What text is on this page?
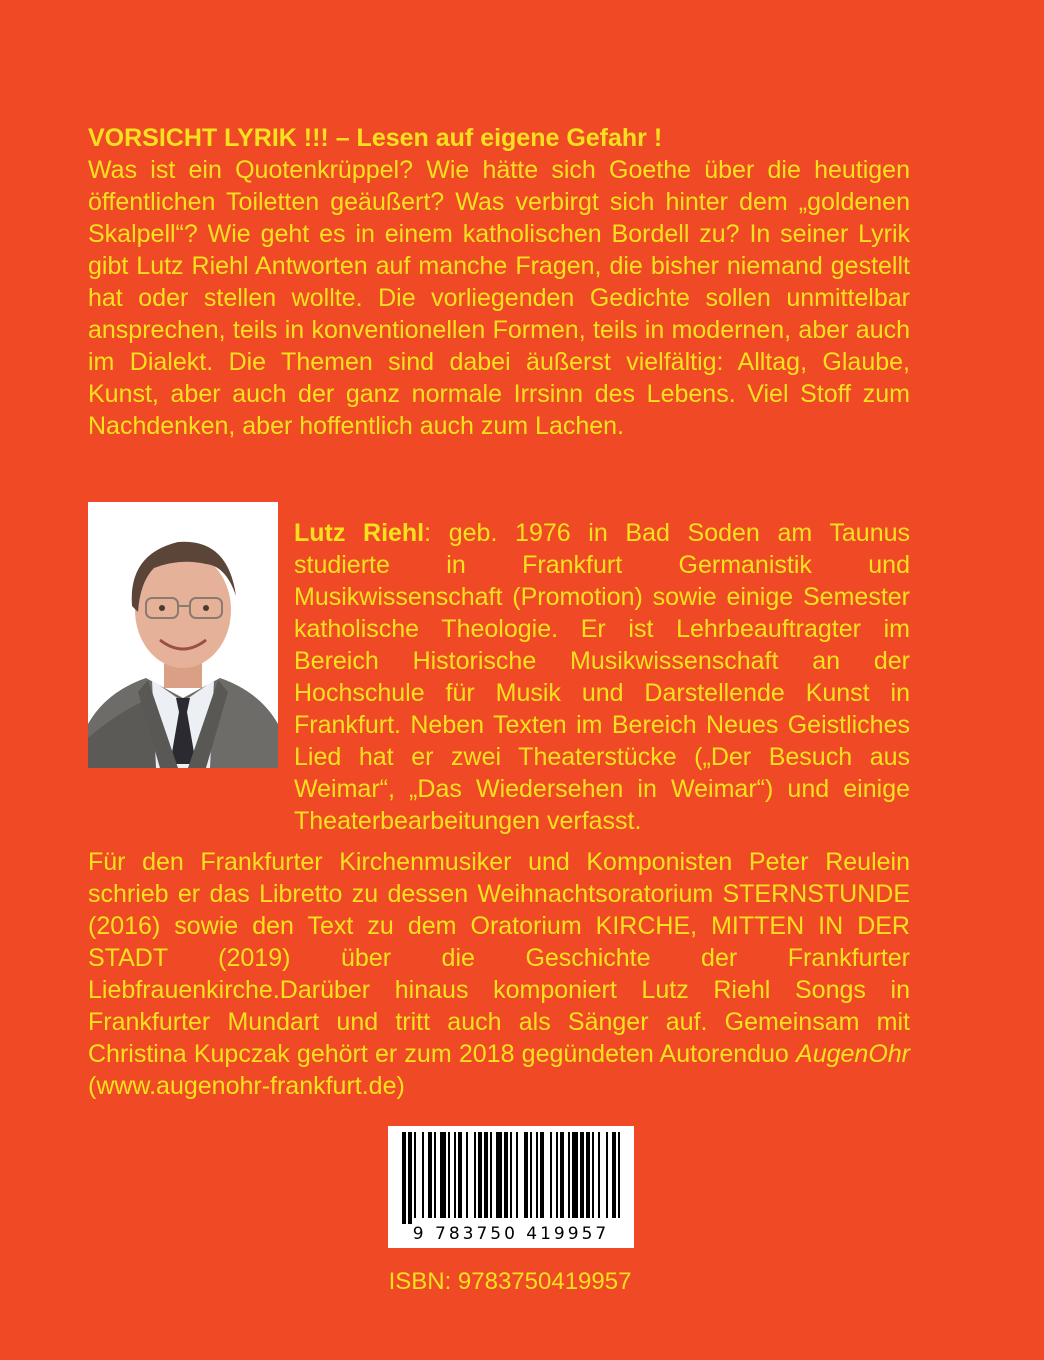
VORSICHT LYRIK !!! – Lesen auf eigene Gefahr !
Was ist ein Quotenkrüppel? Wie hätte sich Goethe über die heutigen öffentlichen Toiletten geäußert? Was verbirgt sich hinter dem „goldenen Skalpell“? Wie geht es in einem katholischen Bordell zu? In seiner Lyrik gibt Lutz Riehl Antworten auf manche Fragen, die bisher niemand gestellt hat oder stellen wollte. Die vorliegenden Gedichte sollen unmittelbar ansprechen, teils in konventionellen Formen, teils in modernen, aber auch im Dialekt. Die Themen sind dabei äußerst vielfältig: Alltag, Glaube, Kunst, aber auch der ganz normale Irrsinn des Lebens. Viel Stoff zum Nachdenken, aber hoffentlich auch zum Lachen.
Lutz Riehl: geb. 1976 in Bad Soden am Taunus studierte in Frankfurt Germanistik und Musikwissenschaft (Promotion) sowie einige Semester katholische Theologie. Er ist Lehrbeauftragter im Bereich Historische Musikwissenschaft an der Hochschule für Musik und Darstellende Kunst in Frankfurt. Neben Texten im Bereich Neues Geistliches Lied hat er zwei Theaterstücke („Der Besuch aus Weimar“, „Das Wiedersehen in Weimar“) und einige Theaterbearbeitungen verfasst.
Für den Frankfurter Kirchenmusiker und Komponisten Peter Reulein schrieb er das Libretto zu dessen Weihnachtsoratorium STERNSTUNDE (2016) sowie den Text zu dem Oratorium KIRCHE, MITTEN IN DER STADT (2019) über die Geschichte der Frankfurter Liebfrauenkirche.Darüber hinaus komponiert Lutz Riehl Songs in Frankfurter Mundart und tritt auch als Sänger auf. Gemeinsam mit Christina Kupczak gehört er zum 2018 gegündeten Autorenduo AugenOhr (www.augenohr-frankfurt.de)
9 783750 419957
ISBN: 9783750419957
